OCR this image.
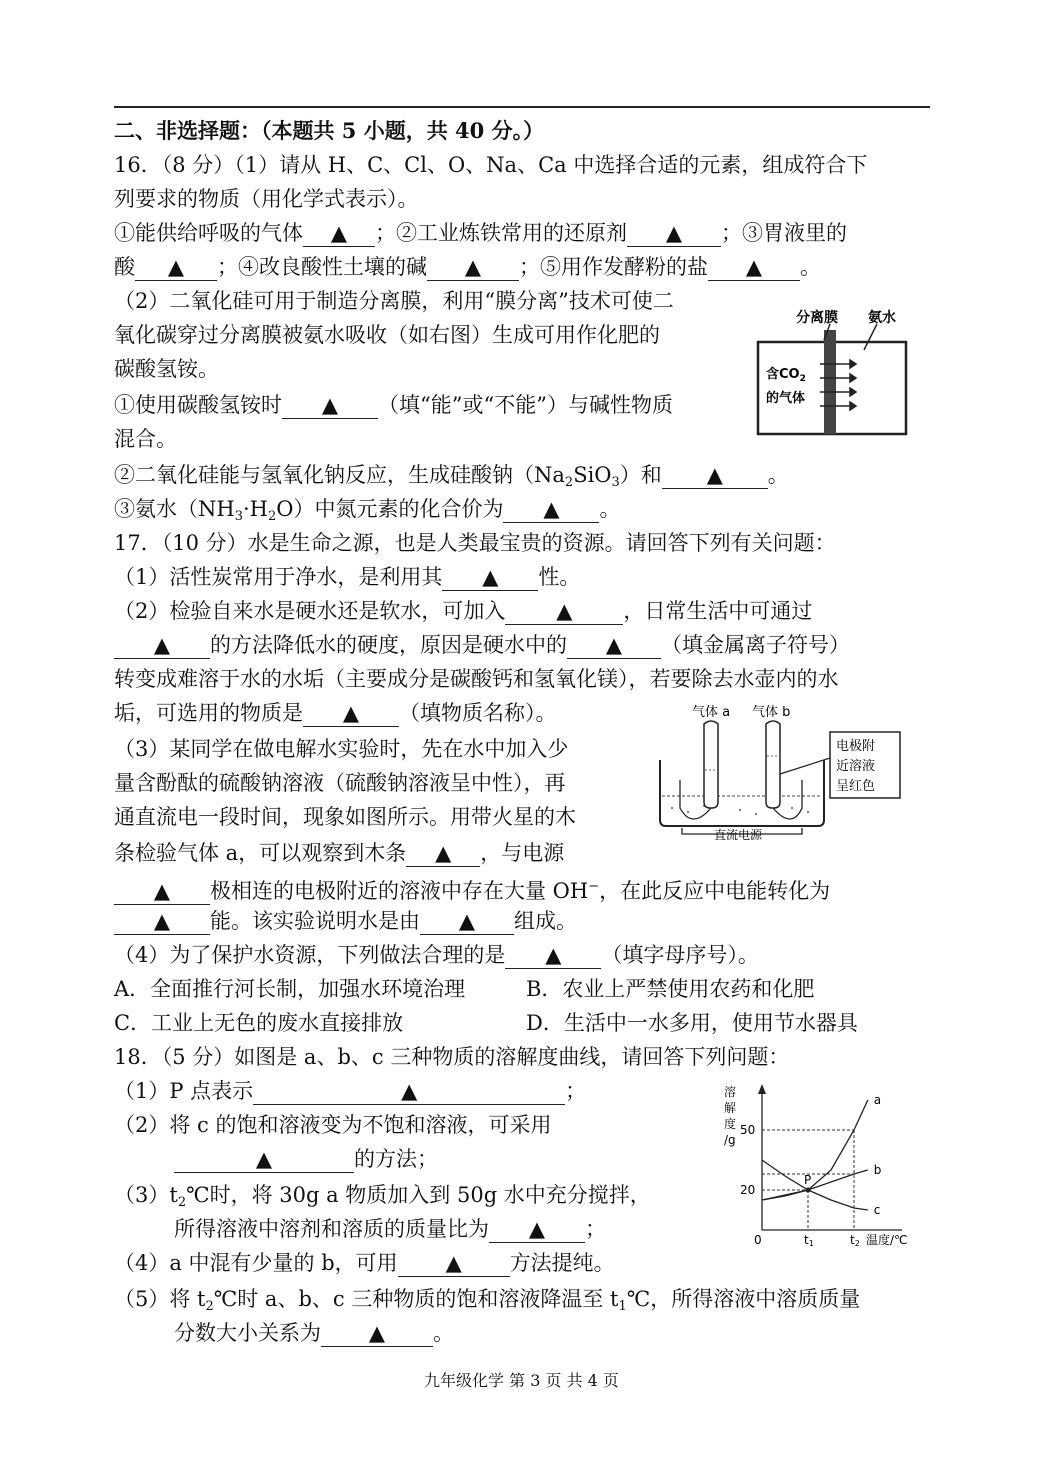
二、非选择题：（本题共 5 小题，共 40 分。）
16．（8 分）（1）请从 H、C、Cl、O、Na、Ca 中选择合适的元素，组成符合下
列要求的物质（用化学式表示）。
①能供给呼吸的气体 ▲ ；②工业炼铁常用的还原剂 ▲ ；③胃液里的
酸 ▲ ；④改良酸性土壤的碱 ▲ ；⑤用作发酵粉的盐 ▲ 。
（2）二氧化硅可用于制造分离膜，利用“膜分离”技术可使二
氧化碳穿过分离膜被氨水吸收（如右图）生成可用作化肥的
碳酸氢铵。
①使用碳酸氢铵时 ▲ （填“能”或“不能”）与碱性物质
混合。
②二氧化硅能与氢氧化钠反应，生成硅酸钠$(Na_2SiO_3)$和 ▲ 。
③氨水$(NH_3\cdot H_2O)$中氮元素的化合价为 ▲ 。
分离膜 氨水
含$CO_2$
的气体
17．（10 分）水是生命之源，也是人类最宝贵的资源。请回答下列有关问题：
（1）活性炭常用于净水，是利用其 ▲ 性。
（2）检验自来水是硬水还是软水，可加入 ▲ ，日常生活中可通过
▲ 的方法降低水的硬度，原因是硬水中的 ▲ （填金属离子符号）
转变成难溶于水的水垢（主要成分是碳酸钙和氢氧化镁），若要除去水壶内的水
垢，可选用的物质是 ▲ （填物质名称）。
（3）某同学在做电解水实验时，先在水中加入少
量含酚酞的硫酸钠溶液（硫酸钠溶液呈中性），再
通直流电一段时间，现象如图所示。用带火星的木
条检验气体 a，可以观察到木条 ▲ ，与电源
▲ 极相连的电极附近的溶液中存在大量 OH−，在此反应中电能转化为
▲ 能。该实验说明水是由 ▲ 组成。
（4）为了保护水资源，下列做法合理的是 ▲ （填字母序号）。
A．全面推行河长制，加强水环境治理	B．农业上严禁使用农药和化肥
C．工业上无色的废水直接排放	D．生活中一水多用，使用节水器具
气体 a 气体 b
直流电源
电极附
近溶液
呈红色
18．（5 分）如图是 a、b、c 三种物质的溶解度曲线，请回答下列问题：
（1）P 点表示	▲	；
（2）将 c 的饱和溶液变为不饱和溶液，可采用
▲	的方法；
$(3)t_2℃$时，将 30g a 物质加入到 50g 水中充分搅拌，
所得溶液中溶剂和溶质的质量比为 ▲ ；
（4）a 中混有少量的 b，可用 ▲ 方法提纯。
（5）将 $t_2℃$时 a、b、c 三种物质的饱和溶液降温至 $t_1℃$，所得溶液中溶质质量
分数大小关系为 ▲ 。
溶
解
度
/g
a
b
c
P
20
50
0	t1	t2 温度/℃
九年级化学 第 3 页 共 4 页
